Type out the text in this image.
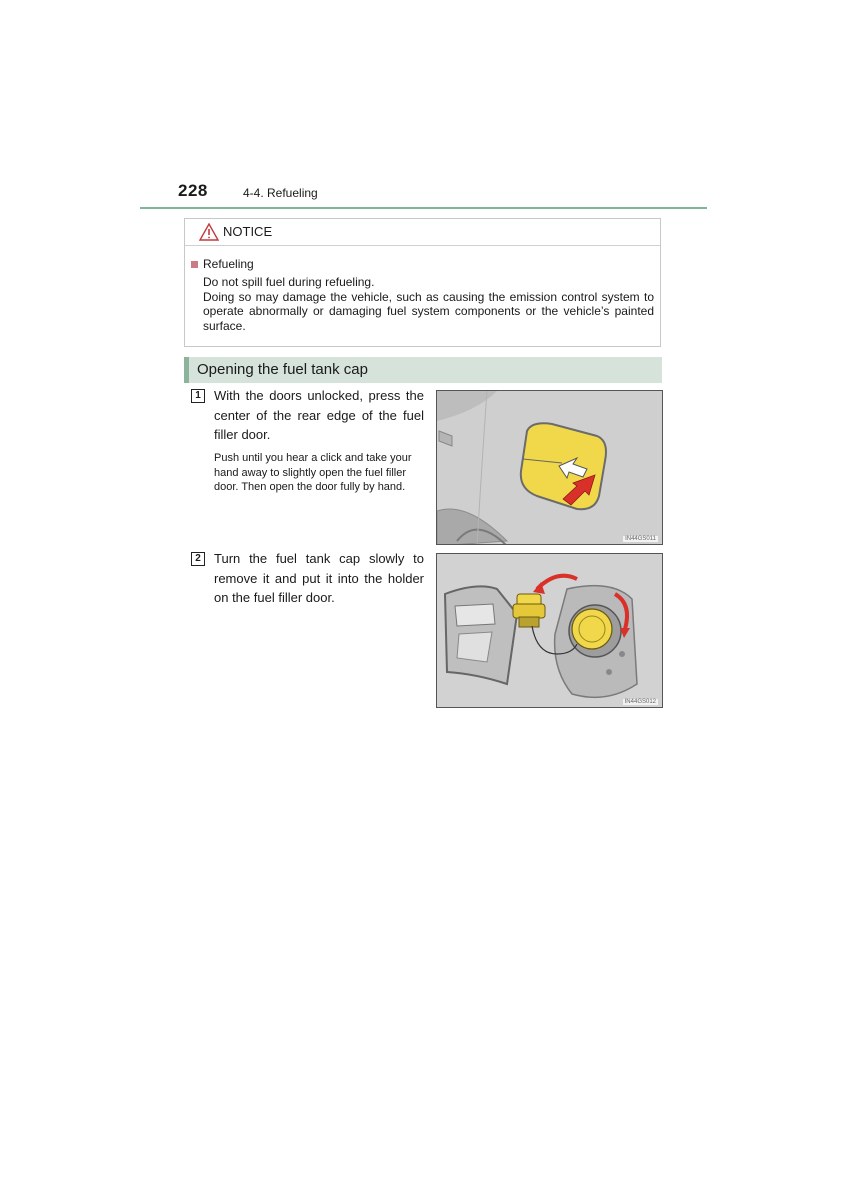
228	4-4. Refueling
NOTICE
Refueling

Do not spill fuel during refueling.

Doing so may damage the vehicle, such as causing the emission control system to operate abnormally or damaging fuel system components or the vehicle’s painted surface.

Opening the fuel tank cap
1	With the doors unlocked, press the center of the rear edge of the fuel filler door.
Push until you hear a click and take your hand away to slightly open the fuel filler door. Then open the door fully by hand.
IN44GS011
2	Turn the fuel tank cap slowly to remove it and put it into the holder on the fuel filler door.
IN44GS012
